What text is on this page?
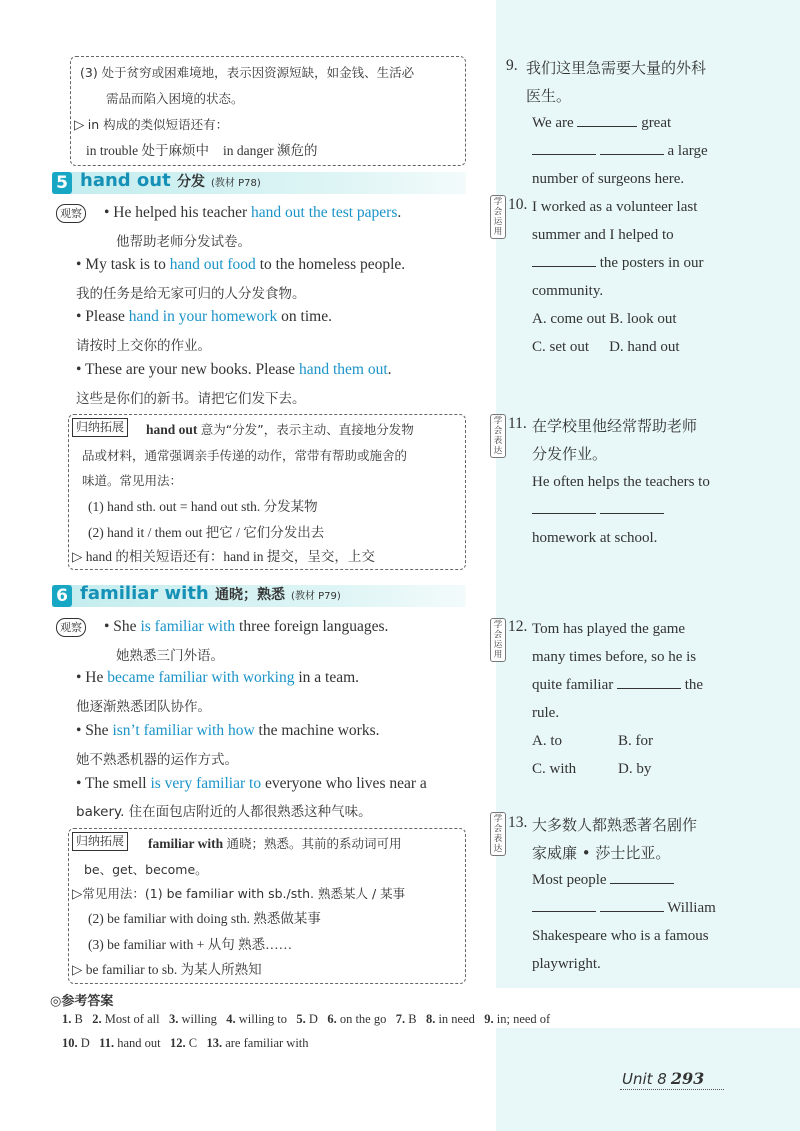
(3) 处于贫穷或困难境地，表示因资源短缺，如金钱、生活必
需品而陷入困境的状态。
▷ in 构成的类似短语还有：
in trouble 处于麻烦中 in danger 濒危的
5 hand out 分发 (教材 P78)
观察 • He helped his teacher hand out the test papers.
他帮助老师分发试卷。
• My task is to hand out food to the homeless people.
我的任务是给无家可归的人分发食物。
• Please hand in your homework on time.
请按时上交你的作业。
• These are your new books. Please hand them out.
这些是你们的新书。请把它们发下去。
归纳拓展 hand out 意为“分发”，表示主动、直接地分发物
品或材料，通常强调亲手传递的动作，常带有帮助或施舍的
味道。常见用法：
(1) hand sth. out = hand out sth. 分发某物
(2) hand it / them out 把它 / 它们分发出去
▷ hand 的相关短语还有：hand in 提交，呈交，上交
6 familiar with 通晓；熟悉 (教材 P79)
观察 • She is familiar with three foreign languages.
她熟悉三门外语。
• He became familiar with working in a team.
他逐渐熟悉团队协作。
• She isn’t familiar with how the machine works.
她不熟悉机器的运作方式。
• The smell is very familiar to everyone who lives near a
bakery. 住在面包店附近的人都很熟悉这种气味。
归纳拓展 familiar with 通晓；熟悉。其前的系动词可用
be、get、become。
▷常见用法：(1) be familiar with sb./sth. 熟悉某人 / 某事
(2) be familiar with doing sth. 熟悉做某事
(3) be familiar with + 从句 熟悉……
▷ be familiar to sb. 为某人所熟知
9. 我们这里急需要大量的外科
医生。
We are	great
a large
number of surgeons here.
学会运用
10. I worked as a volunteer last
summer and I helped to
the posters in our
community.
A. come out B. look out
C. set out D. hand out
学会表达
11. 在学校里他经常帮助老师
分发作业。
He often helps the teachers to

homework at school.
学会运用
12. Tom has played the game
many times before, so he is
quite familiar	the
rule.
A. to	B. for
C. with	D. by
学会表达
13. 大多数人都熟悉著名剧作
家威廉 • 莎士比亚。
Most people
William
Shakespeare who is a famous
playwright.
◎参考答案
1. B 2. Most of all 3. willing 4. willing to 5. D 6. on the go 7. B 8. in need 9. in; need of
10. D 11. hand out 12. C 13. are familiar with
Unit 8 293
